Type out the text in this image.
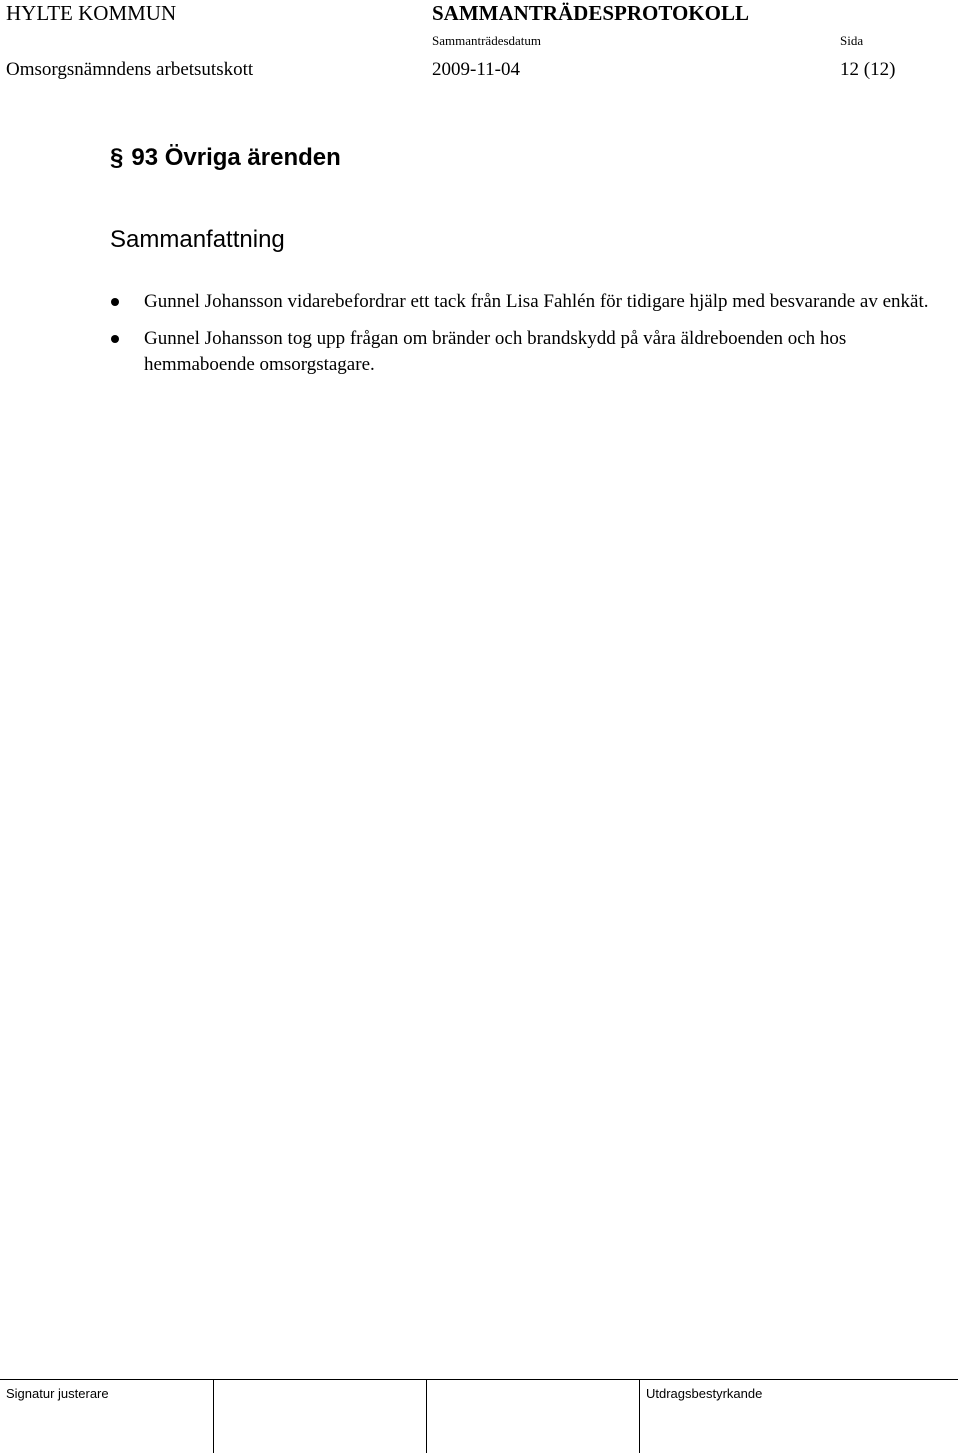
HYLTE KOMMUN	SAMMANTRÄDESPROTOKOLL
Sammanträdesdatum	Sida
Omsorgsnämndens arbetsutskott	2009-11-04	12 (12)
§ 93 Övriga ärenden
Sammanfattning
Gunnel Johansson vidarebefordrar ett tack från Lisa Fahlén för tidigare hjälp med besvarande av enkät.
Gunnel Johansson tog upp frågan om bränder och brandskydd på våra äldreboenden och hos hemmaboende omsorgstagare.
Signatur justerare	Utdragsbestyrkande
